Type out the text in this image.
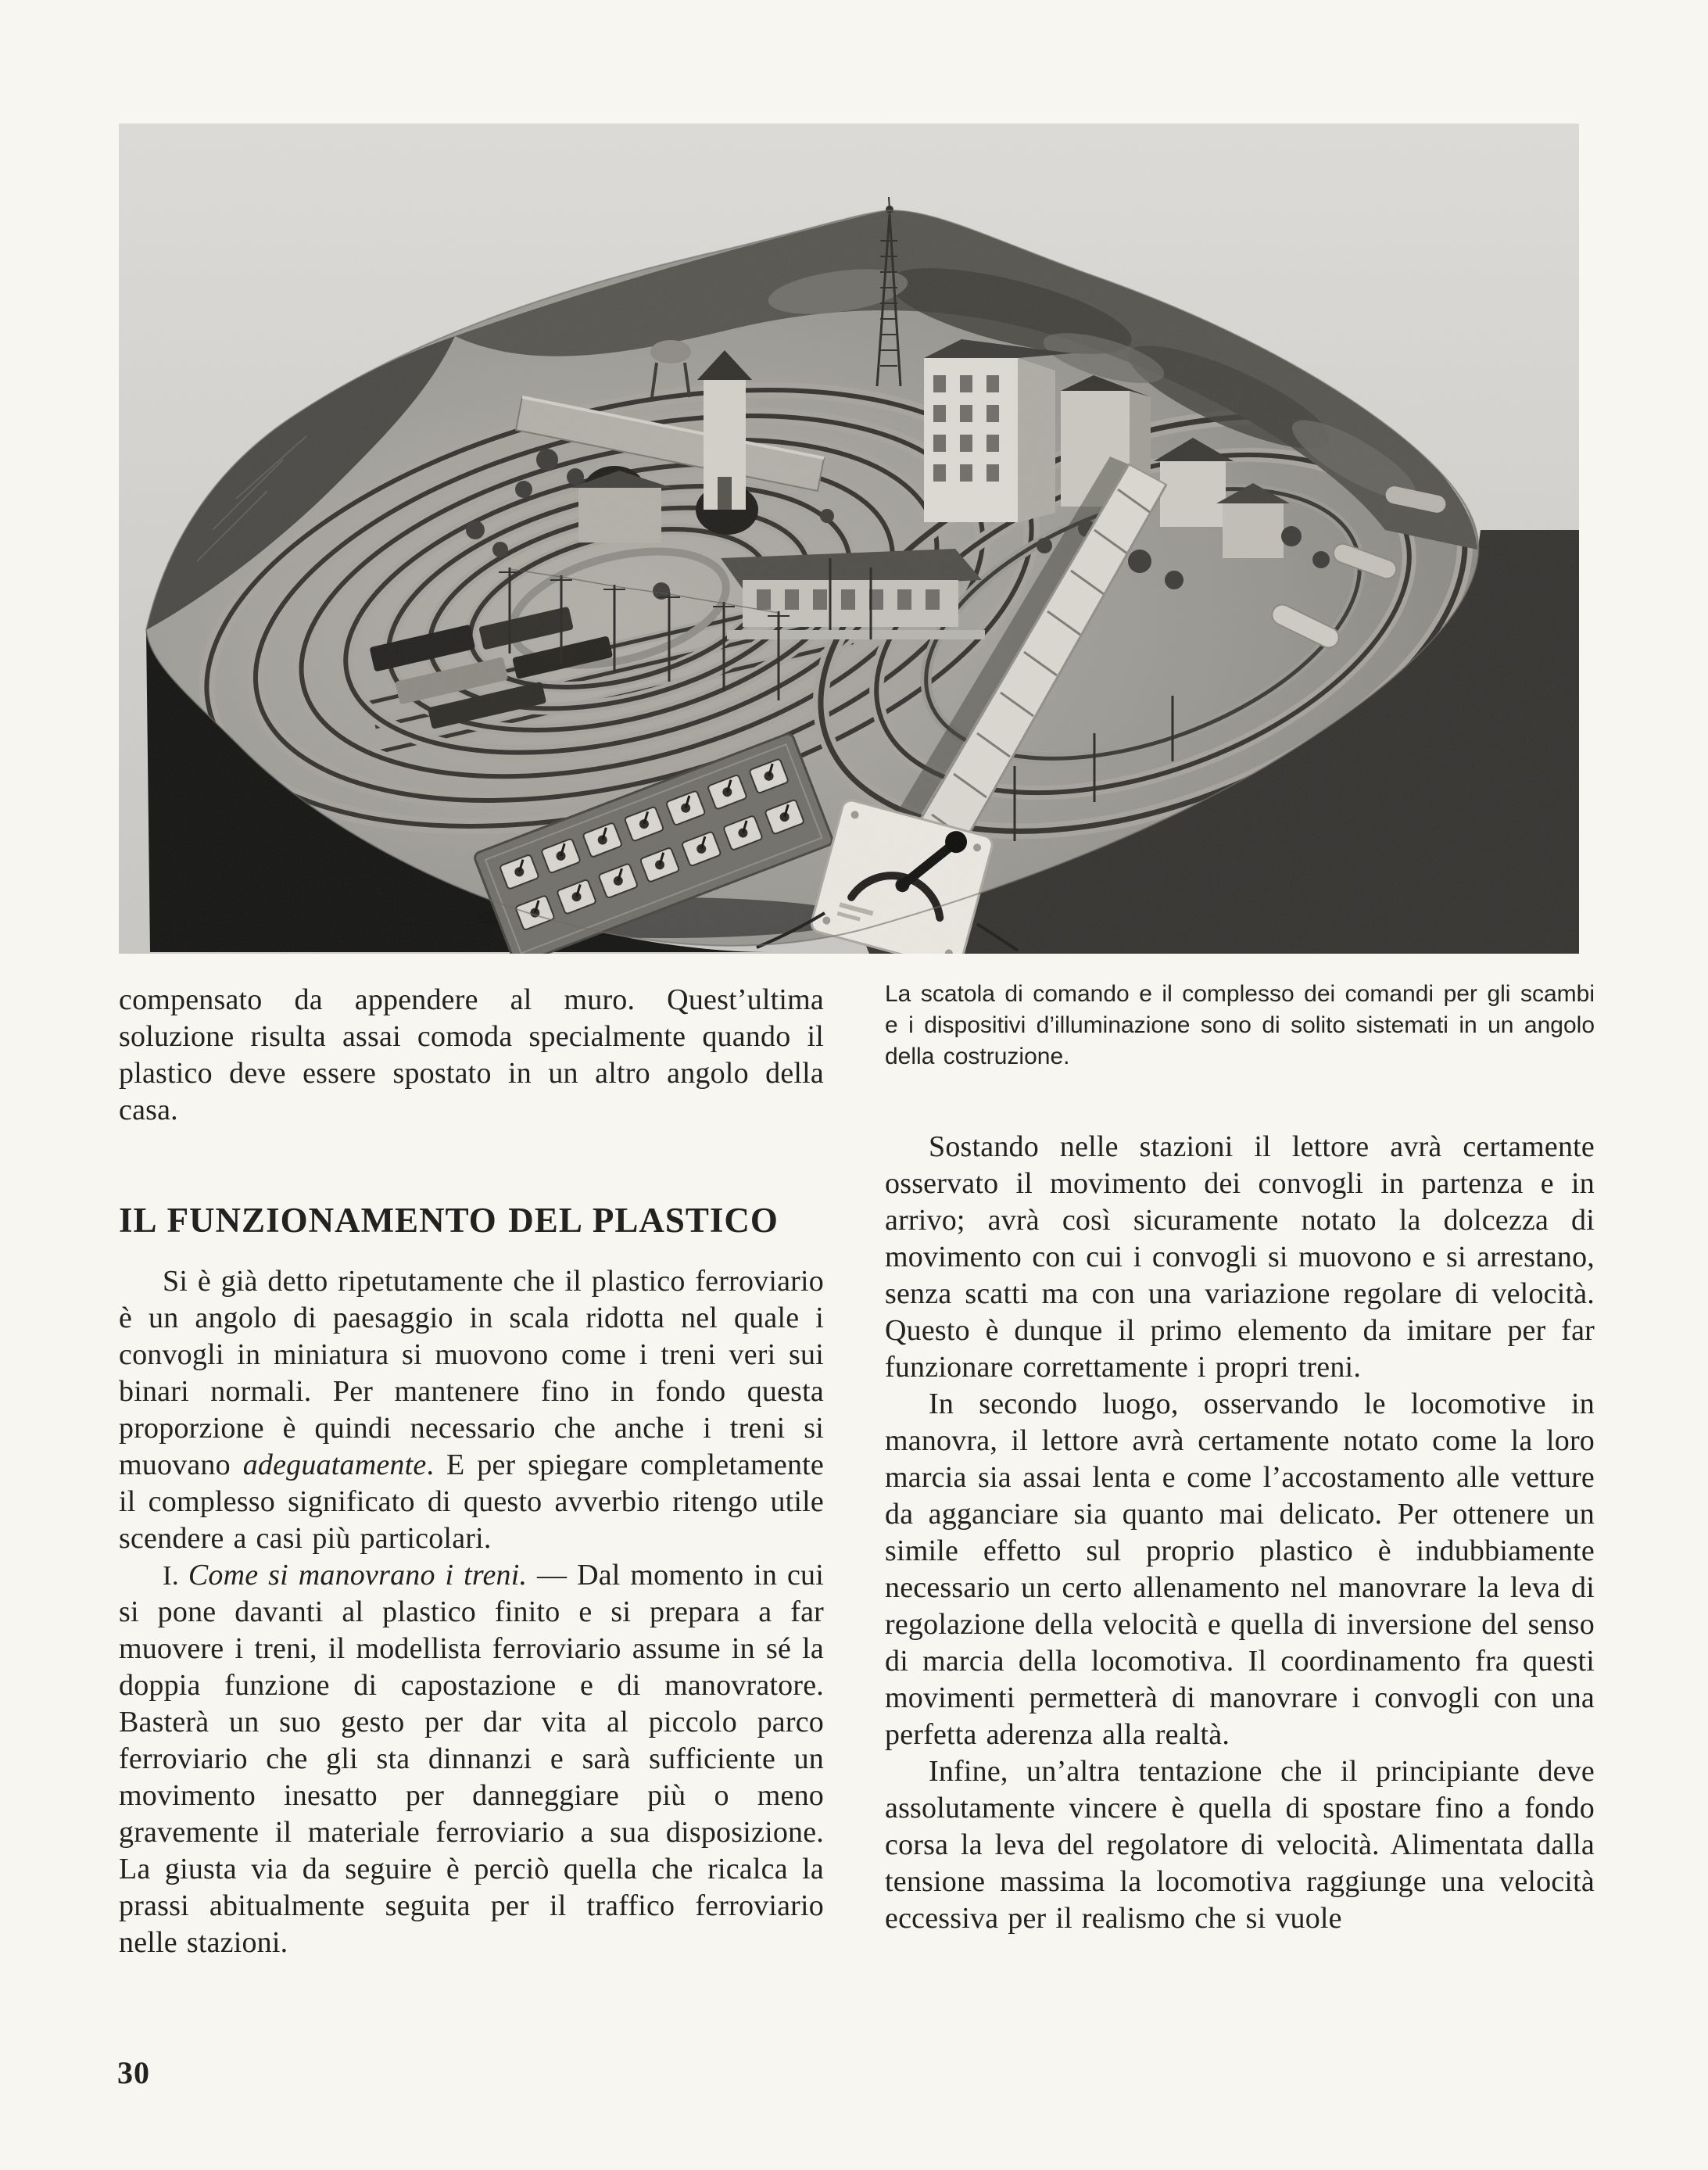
La scatola di comando e il complesso dei comandi per gli scambi e i dispositivi d’illuminazione sono di solito sistemati in un angolo della costruzione.

compensato da appendere al muro. Quest’ultima soluzione risulta assai comoda specialmente quando il plastico deve essere spostato in un altro angolo della casa.

IL FUNZIONAMENTO DEL PLASTICO

Si è già detto ripetutamente che il plastico ferroviario è un angolo di paesaggio in scala ridotta nel quale i convogli in miniatura si muovono come i treni veri sui binari normali. Per mantenere fino in fondo questa proporzione è quindi necessario che anche i treni si muovano adeguatamente. E per spiegare completamente il complesso significato di questo avverbio ritengo utile scendere a casi più particolari.

I. Come si manovrano i treni. — Dal momento in cui si pone davanti al plastico finito e si prepara a far muovere i treni, il modellista ferroviario assume in sé la doppia funzione di capostazione e di manovratore. Basterà un suo gesto per dar vita al piccolo parco ferroviario che gli sta dinnanzi e sarà sufficiente un movimento inesatto per danneggiare più o meno gravemente il materiale ferroviario a sua disposizione. La giusta via da seguire è perciò quella che ricalca la prassi abitualmente seguita per il traffico ferroviario nelle stazioni.

Sostando nelle stazioni il lettore avrà certamente osservato il movimento dei convogli in partenza e in arrivo; avrà così sicuramente notato la dolcezza di movimento con cui i convogli si muovono e si arrestano, senza scatti ma con una variazione regolare di velocità. Questo è dunque il primo elemento da imitare per far funzionare correttamente i propri treni.

In secondo luogo, osservando le locomotive in manovra, il lettore avrà certamente notato come la loro marcia sia assai lenta e come l’accostamento alle vetture da agganciare sia quanto mai delicato. Per ottenere un simile effetto sul proprio plastico è indubbiamente necessario un certo allenamento nel manovrare la leva di regolazione della velocità e quella di inversione del senso di marcia della locomotiva. Il coordinamento fra questi movimenti permetterà di manovrare i convogli con una perfetta aderenza alla realtà.

Infine, un’altra tentazione che il principiante deve assolutamente vincere è quella di spostare fino a fondo corsa la leva del regolatore di velocità. Alimentata dalla tensione massima la locomotiva raggiunge una velocità eccessiva per il realismo che si vuole

30
